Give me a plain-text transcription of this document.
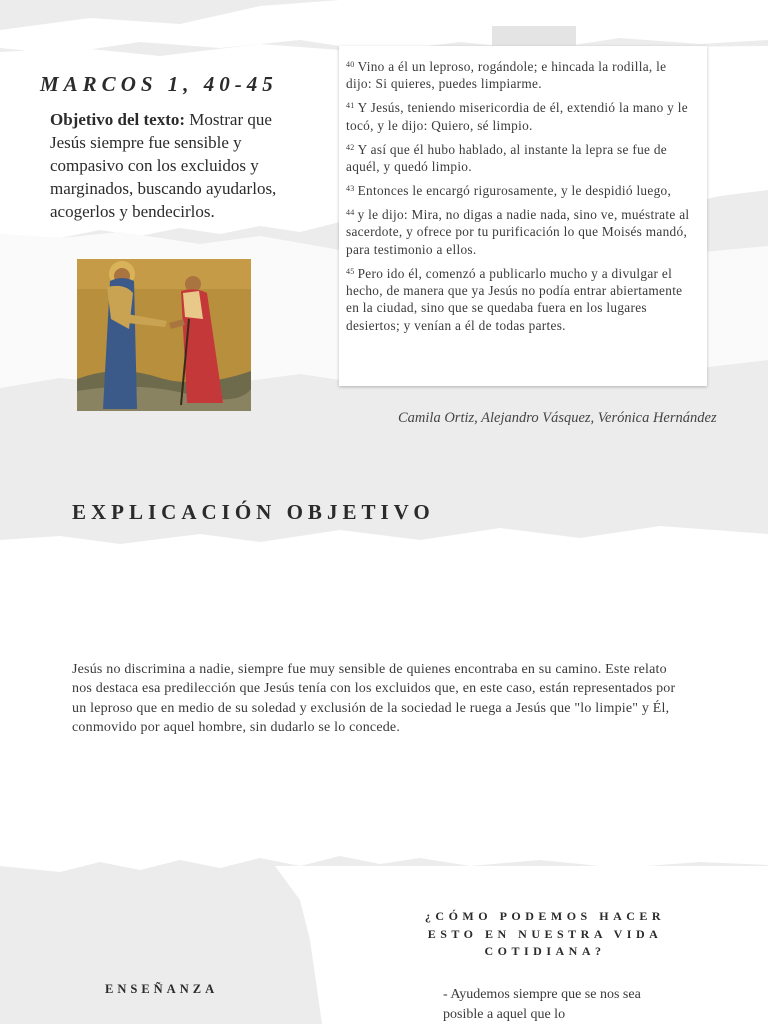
MARCOS 1, 40-45

Objetivo del texto: Mostrar que Jesús siempre fue sensible y compasivo con los excluidos y marginados, buscando ayudarlos, acogerlos y bendecirlos.

$^{40}$ Vino a él un leproso, rogándole; e hincada la rodilla, le dijo: Si quieres, puedes limpiarme.

$^{41}$ Y Jesús, teniendo misericordia de él, extendió la mano y le tocó, y le dijo: Quiero, sé limpio.

$^{42}$ Y así que él hubo hablado, al instante la lepra se fue de aquél, y quedó limpio.

$^{43}$ Entonces le encargó rigurosamente, y le despidió luego,

$^{44}$ y le dijo: Mira, no digas a nadie nada, sino ve, muéstrate al sacerdote, y ofrece por tu purificación lo que Moisés mandó, para testimonio a ellos.

$^{45}$ Pero ido él, comenzó a publicarlo mucho y a divulgar el hecho, de manera que ya Jesús no podía entrar abiertamente en la ciudad, sino que se quedaba fuera en los lugares desiertos; y venían a él de todas partes.

Camila Ortiz, Alejandro Vásquez, Verónica Hernández
EXPLICACIÓN OBJETIVO

Jesús no discrimina a nadie, siempre fue muy sensible de quienes encontraba en su camino. Este relato nos destaca esa predilección que Jesús tenía con los excluidos que, en este caso, están representados por un leproso que en medio de su soledad y exclusión de la sociedad le ruega a Jesús que "lo limpie" y Él, conmovido por aquel hombre, sin dudarlo se lo concede.

¿CÓMO PODEMOS HACER ESTO EN NUESTRA VIDA COTIDIANA?

ENSEÑANZA	- Ayudemos siempre que se nos sea posible a aquel que lo
